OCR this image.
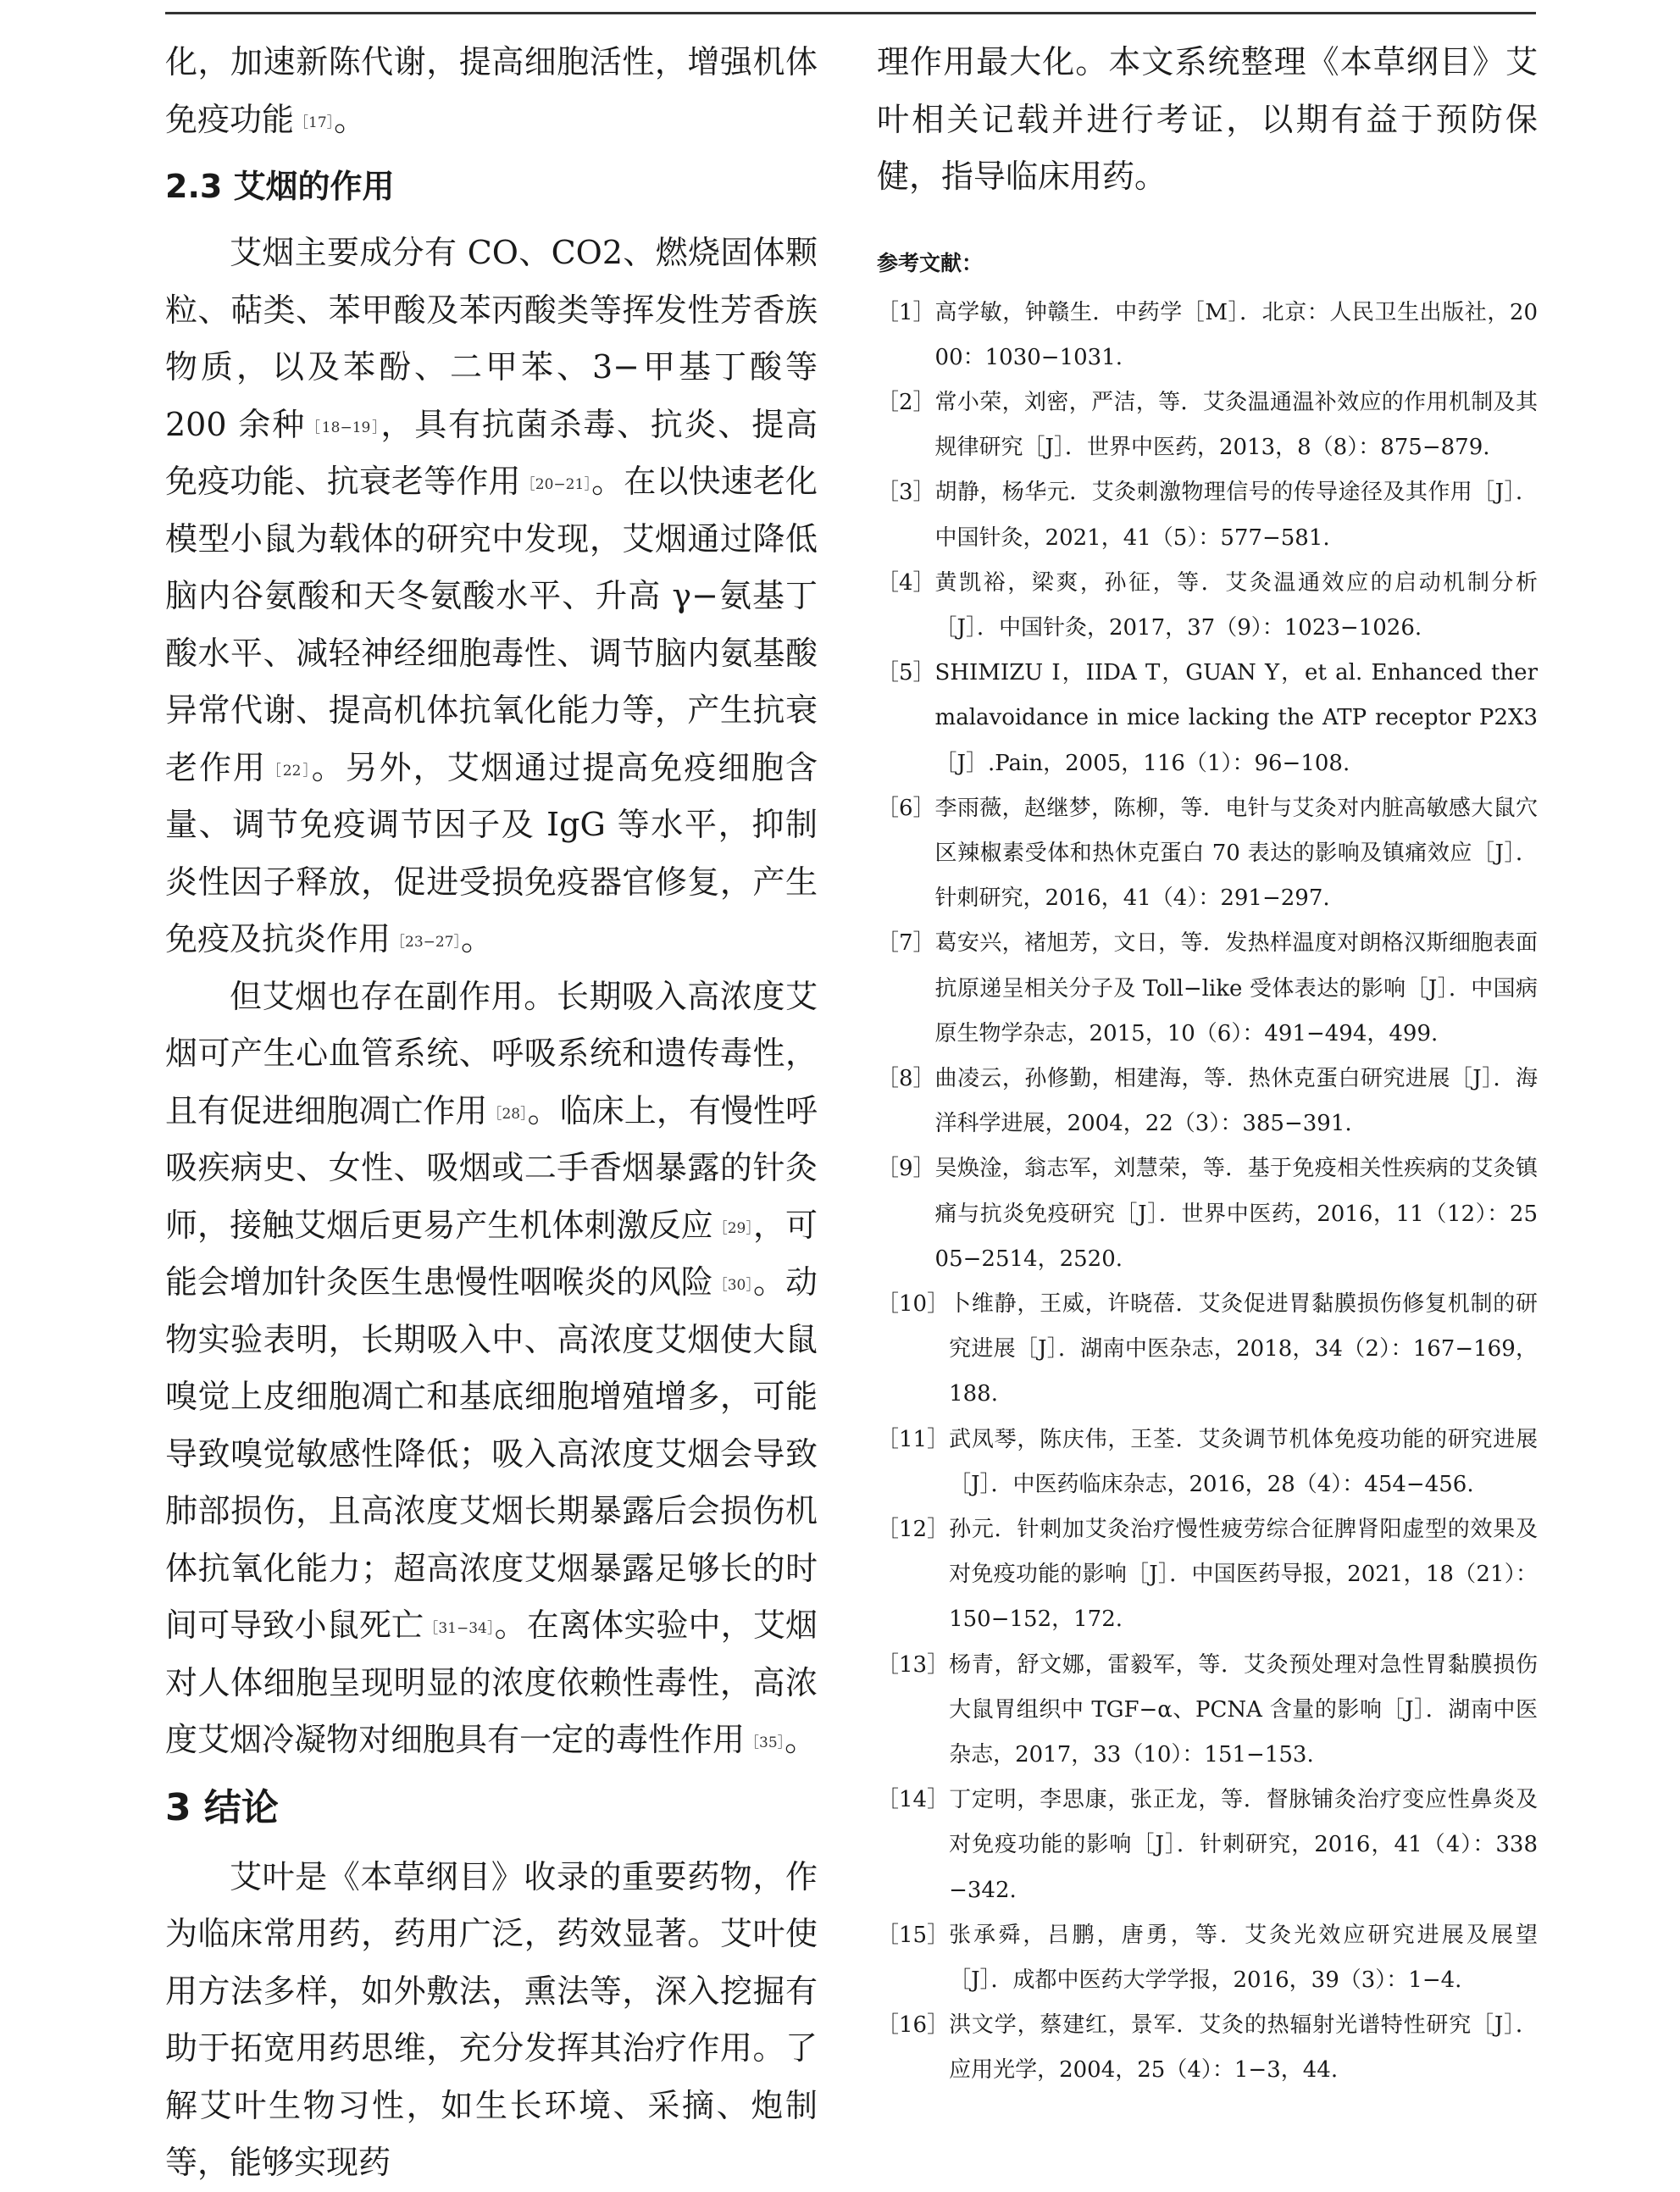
化，加速新陈代谢，提高细胞活性，增强机体免疫功能$^{[17]}$。

2.3 艾烟的作用

艾烟主要成分有 CO、CO2、燃烧固体颗粒、萜类、苯甲酸及苯丙酸类等挥发性芳香族物质，以及苯酚、二甲苯、3−甲基丁酸等 200 余种$^{[18-19]}$，具有抗菌杀毒、抗炎、提高免疫功能、抗衰老等作用$^{[20-21]}$。在以快速老化模型小鼠为载体的研究中发现，艾烟通过降低脑内谷氨酸和天冬氨酸水平、升高 γ−氨基丁酸水平、减轻神经细胞毒性、调节脑内氨基酸异常代谢、提高机体抗氧化能力等，产生抗衰老作用$^{[22]}$。另外，艾烟通过提高免疫细胞含量、调节免疫调节因子及 IgG 等水平，抑制炎性因子释放，促进受损免疫器官修复，产生免疫及抗炎作用$^{[23-27]}$。

但艾烟也存在副作用。长期吸入高浓度艾烟可产生心血管系统、呼吸系统和遗传毒性，且有促进细胞凋亡作用$^{[28]}$。临床上，有慢性呼吸疾病史、女性、吸烟或二手香烟暴露的针灸师，接触艾烟后更易产生机体刺激反应$^{[29]}$，可能会增加针灸医生患慢性咽喉炎的风险$^{[30]}$。动物实验表明，长期吸入中、高浓度艾烟使大鼠嗅觉上皮细胞凋亡和基底细胞增殖增多，可能导致嗅觉敏感性降低；吸入高浓度艾烟会导致肺部损伤，且高浓度艾烟长期暴露后会损伤机体抗氧化能力；超高浓度艾烟暴露足够长的时间可导致小鼠死亡$^{[31-34]}$。在离体实验中，艾烟对人体细胞呈现明显的浓度依赖性毒性，高浓度艾烟冷凝物对细胞具有一定的毒性作用$^{[35]}$。

3 结论

艾叶是《本草纲目》收录的重要药物，作为临床常用药，药用广泛，药效显著。艾叶使用方法多样，如外敷法，熏法等，深入挖掘有助于拓宽用药思维，充分发挥其治疗作用。了解艾叶生物习性，如生长环境、采摘、炮制等，能够实现药

理作用最大化。本文系统整理《本草纲目》艾叶相关记载并进行考证，以期有益于预防保健，指导临床用药。

参考文献：
［1］ 高学敏，钟赣生．中药学［M］．北京：人民卫生出版社，2000：1030−1031.
［2］ 常小荣，刘密，严洁，等．艾灸温通温补效应的作用机制及其规律研究［J］．世界中医药，2013，8（8）：875−879.
［3］ 胡静，杨华元．艾灸刺激物理信号的传导途径及其作用［J］．中国针灸，2021，41（5）：577−581.
［4］ 黄凯裕，梁爽，孙征，等．艾灸温通效应的启动机制分析［J］．中国针灸，2017，37（9）：1023−1026.
［5］ SHIMIZU I，IIDA T，GUAN Y，et al. Enhanced thermalavoidance in mice lacking the ATP receptor P2X3［J］.Pain，2005，116（1）：96−108.
［6］ 李雨薇，赵继梦，陈柳，等．电针与艾灸对内脏高敏感大鼠穴区辣椒素受体和热休克蛋白 70 表达的影响及镇痛效应［J］．针刺研究，2016，41（4）：291−297.
［7］ 葛安兴，褚旭芳，文日，等．发热样温度对朗格汉斯细胞表面抗原递呈相关分子及 Toll−like 受体表达的影响［J］．中国病原生物学杂志，2015，10（6）：491−494，499.
［8］ 曲凌云，孙修勤，相建海，等．热休克蛋白研究进展［J］．海洋科学进展，2004，22（3）：385−391.
［9］ 吴焕淦，翁志军，刘慧荣，等．基于免疫相关性疾病的艾灸镇痛与抗炎免疫研究［J］．世界中医药，2016，11（12）：2505−2514，2520.
［10］ 卜维静，王威，许晓蓓．艾灸促进胃黏膜损伤修复机制的研究进展［J］．湖南中医杂志，2018，34（2）：167−169，188.
［11］ 武凤琴，陈庆伟，王荃．艾灸调节机体免疫功能的研究进展［J］．中医药临床杂志，2016，28（4）：454−456.
［12］ 孙元．针刺加艾灸治疗慢性疲劳综合征脾肾阳虚型的效果及对免疫功能的影响［J］．中国医药导报，2021，18（21）：150−152，172.
［13］ 杨青，舒文娜，雷毅军，等．艾灸预处理对急性胃黏膜损伤大鼠胃组织中 TGF−α、PCNA 含量的影响［J］．湖南中医杂志，2017，33（10）：151−153.
［14］ 丁定明，李思康，张正龙，等．督脉铺灸治疗变应性鼻炎及对免疫功能的影响［J］．针刺研究，2016，41（4）：338−342.
［15］ 张承舜，吕鹏，唐勇，等．艾灸光效应研究进展及展望［J］．成都中医药大学学报，2016，39（3）：1−4.
［16］ 洪文学，蔡建红，景军．艾灸的热辐射光谱特性研究［J］．应用光学，2004，25（4）：1−3，44.
